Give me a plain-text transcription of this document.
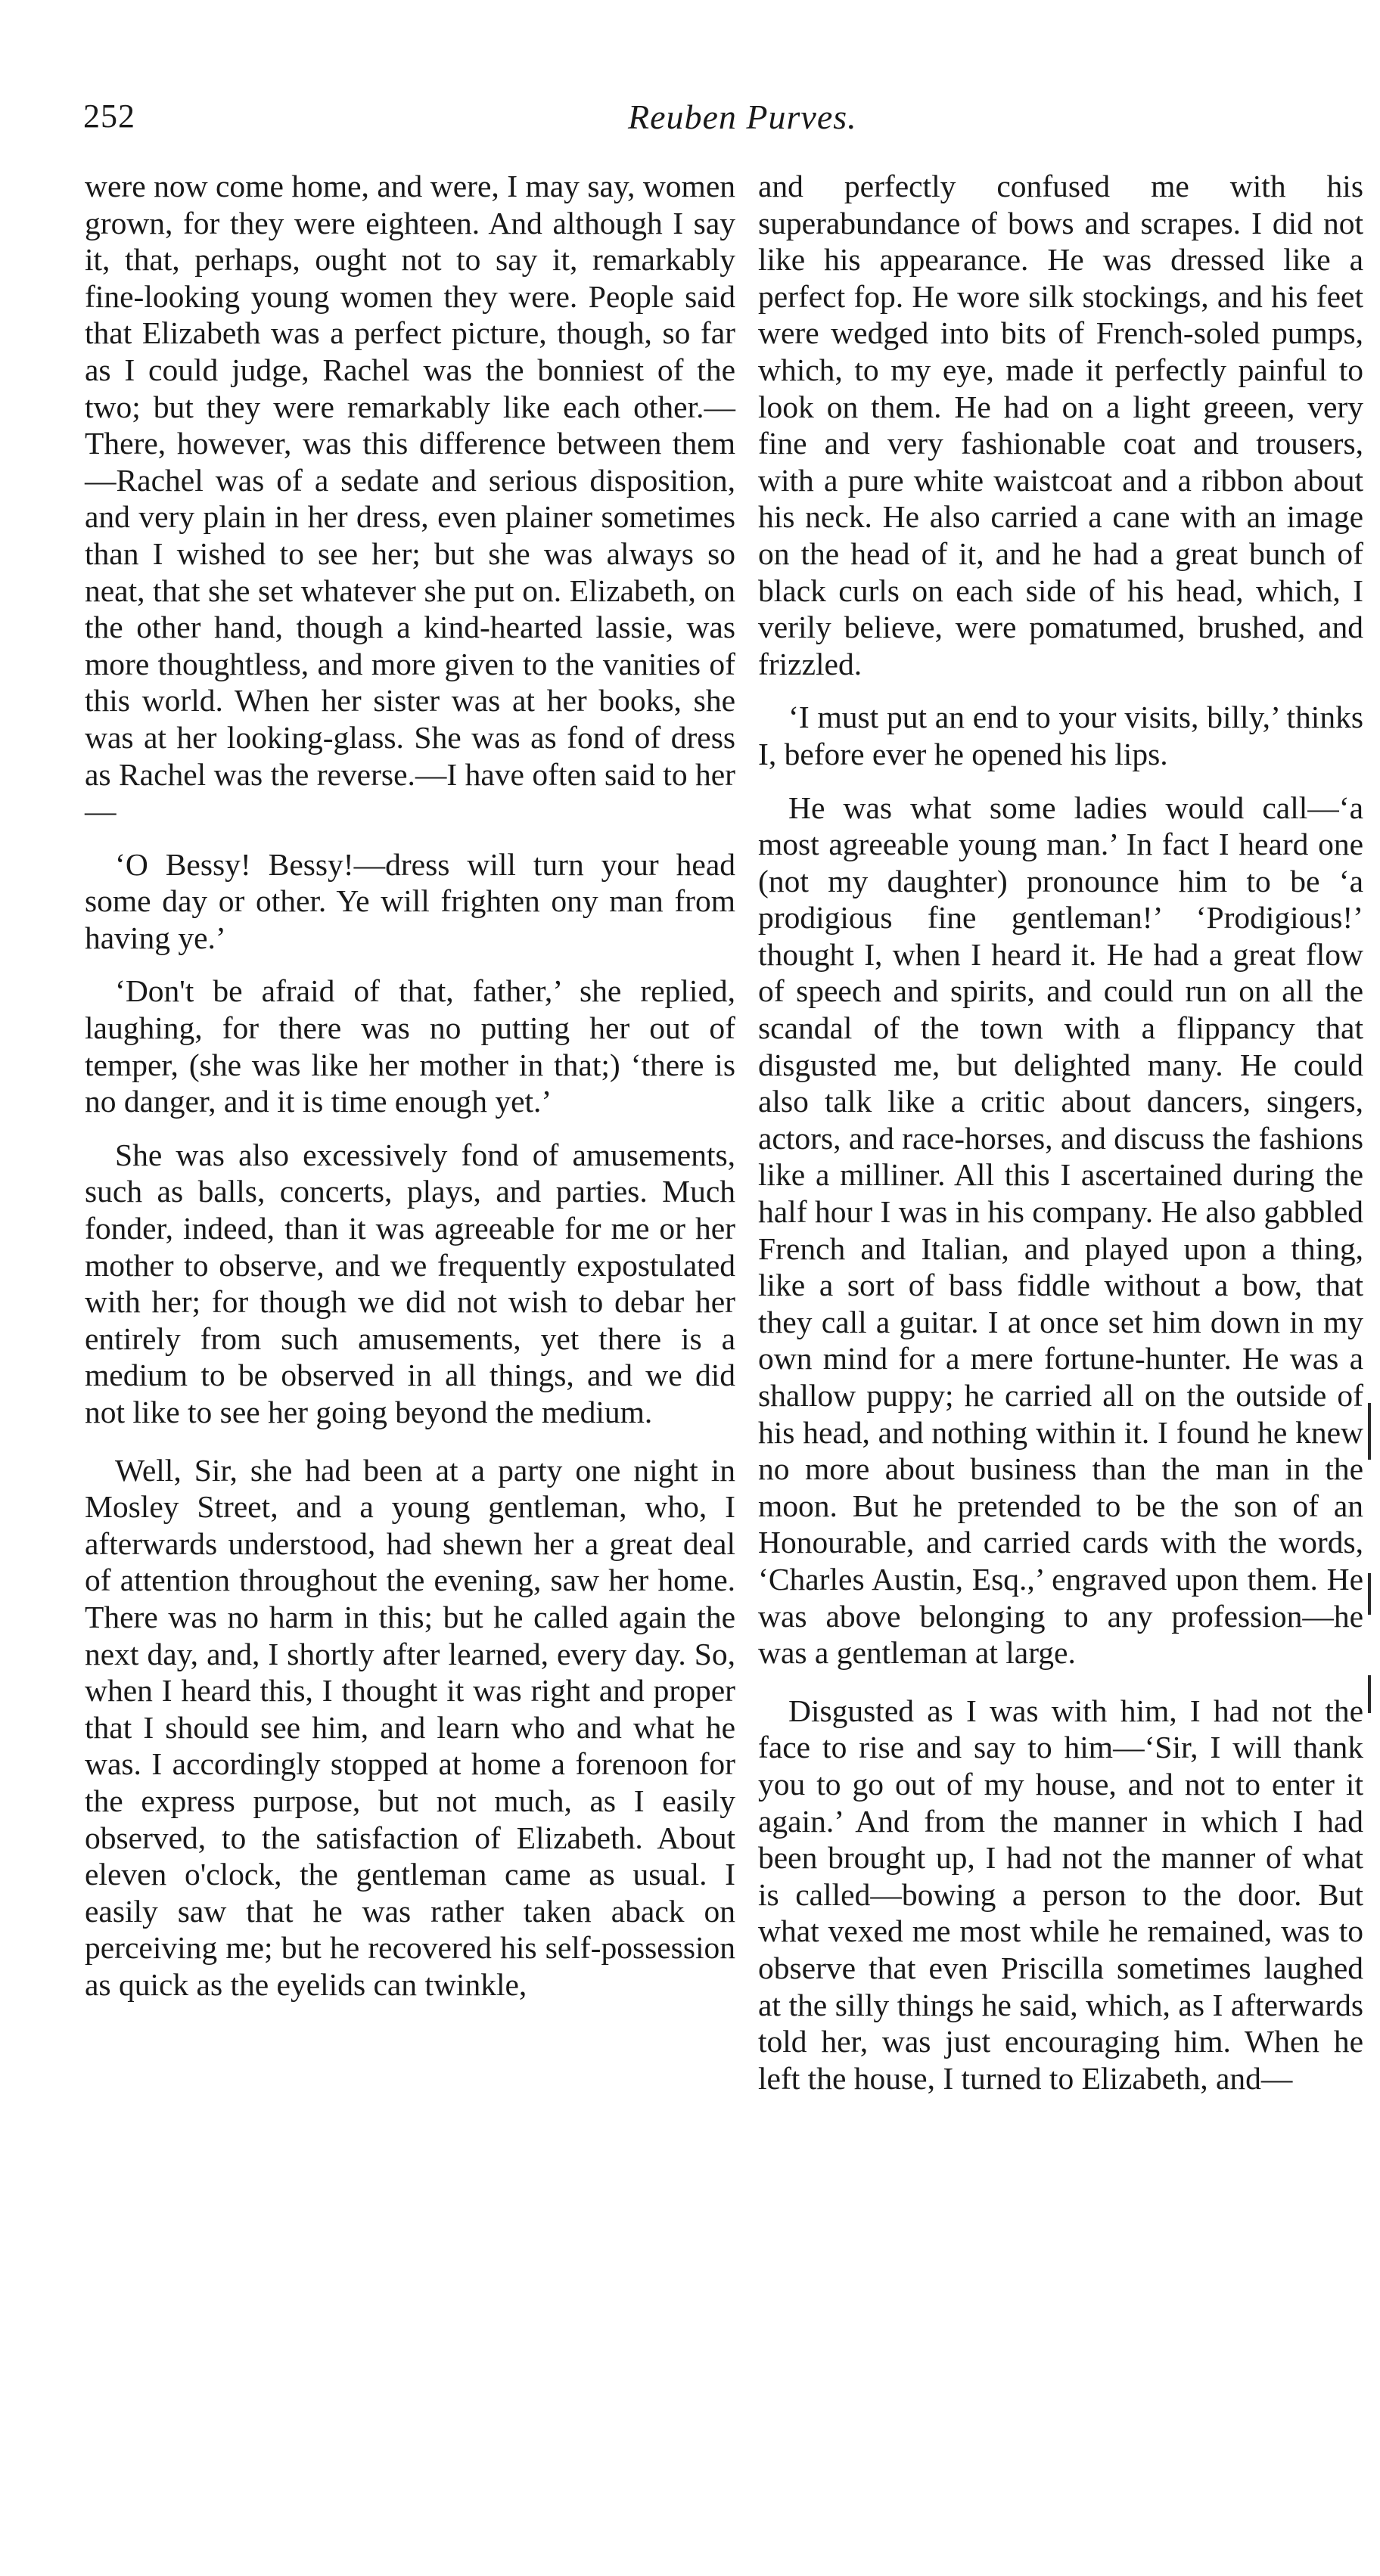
252	Reuben Purves.

were now come home, and were, I may say, women grown, for they were eighteen. And although I say it, that, perhaps, ought not to say it, remarkably fine-looking young women they were. People said that Elizabeth was a perfect picture, though, so far as I could judge, Rachel was the bonniest of the two; but they were remarkably like each other.—There, however, was this difference between them—Rachel was of a sedate and serious disposition, and very plain in her dress, even plainer sometimes than I wished to see her; but she was always so neat, that she set whatever she put on. Elizabeth, on the other hand, though a kind-hearted lassie, was more thoughtless, and more given to the vanities of this world. When her sister was at her books, she was at her looking-glass. She was as fond of dress as Rachel was the reverse.—I have often said to her—

‘O Bessy! Bessy!—dress will turn your head some day or other. Ye will frighten ony man from having ye.’

‘Don't be afraid of that, father,’ she replied, laughing, for there was no putting her out of temper, (she was like her mother in that;) ‘there is no danger, and it is time enough yet.’

She was also excessively fond of amusements, such as balls, concerts, plays, and parties. Much fonder, indeed, than it was agreeable for me or her mother to observe, and we frequently expostulated with her; for though we did not wish to debar her entirely from such amusements, yet there is a medium to be observed in all things, and we did not like to see her going beyond the medium.

Well, Sir, she had been at a party one night in Mosley Street, and a young gentleman, who, I afterwards understood, had shewn her a great deal of attention throughout the evening, saw her home. There was no harm in this; but he called again the next day, and, I shortly after learned, every day. So, when I heard this, I thought it was right and proper that I should see him, and learn who and what he was. I accordingly stopped at home a forenoon for the express purpose, but not much, as I easily observed, to the satisfaction of Elizabeth. About eleven o'clock, the gentleman came as usual. I easily saw that he was rather taken aback on perceiving me; but he recovered his self-possession as quick as the eyelids can twinkle,

and perfectly confused me with his superabundance of bows and scrapes. I did not like his appearance. He was dressed like a perfect fop. He wore silk stockings, and his feet were wedged into bits of French-soled pumps, which, to my eye, made it perfectly painful to look on them. He had on a light greeen, very fine and very fashionable coat and trousers, with a pure white waistcoat and a ribbon about his neck. He also carried a cane with an image on the head of it, and he had a great bunch of black curls on each side of his head, which, I verily believe, were pomatumed, brushed, and frizzled.

‘I must put an end to your visits, billy,’ thinks I, before ever he opened his lips.

He was what some ladies would call—‘a most agreeable young man.’ In fact I heard one (not my daughter) pronounce him to be ‘a prodigious fine gentleman!’ ‘Prodigious!’ thought I, when I heard it. He had a great flow of speech and spirits, and could run on all the scandal of the town with a flippancy that disgusted me, but delighted many. He could also talk like a critic about dancers, singers, actors, and race-horses, and discuss the fashions like a milliner. All this I ascertained during the half hour I was in his company. He also gabbled French and Italian, and played upon a thing, like a sort of bass fiddle without a bow, that they call a guitar. I at once set him down in my own mind for a mere fortune-hunter. He was a shallow puppy; he carried all on the outside of his head, and nothing within it. I found he knew no more about business than the man in the moon. But he pretended to be the son of an Honourable, and carried cards with the words, ‘Charles Austin, Esq.,’ engraved upon them. He was above belonging to any profession—he was a gentleman at large.

Disgusted as I was with him, I had not the face to rise and say to him—‘Sir, I will thank you to go out of my house, and not to enter it again.’ And from the manner in which I had been brought up, I had not the manner of what is called—bowing a person to the door. But what vexed me most while he remained, was to observe that even Priscilla sometimes laughed at the silly things he said, which, as I afterwards told her, was just encouraging him. When he left the house, I turned to Elizabeth, and—
